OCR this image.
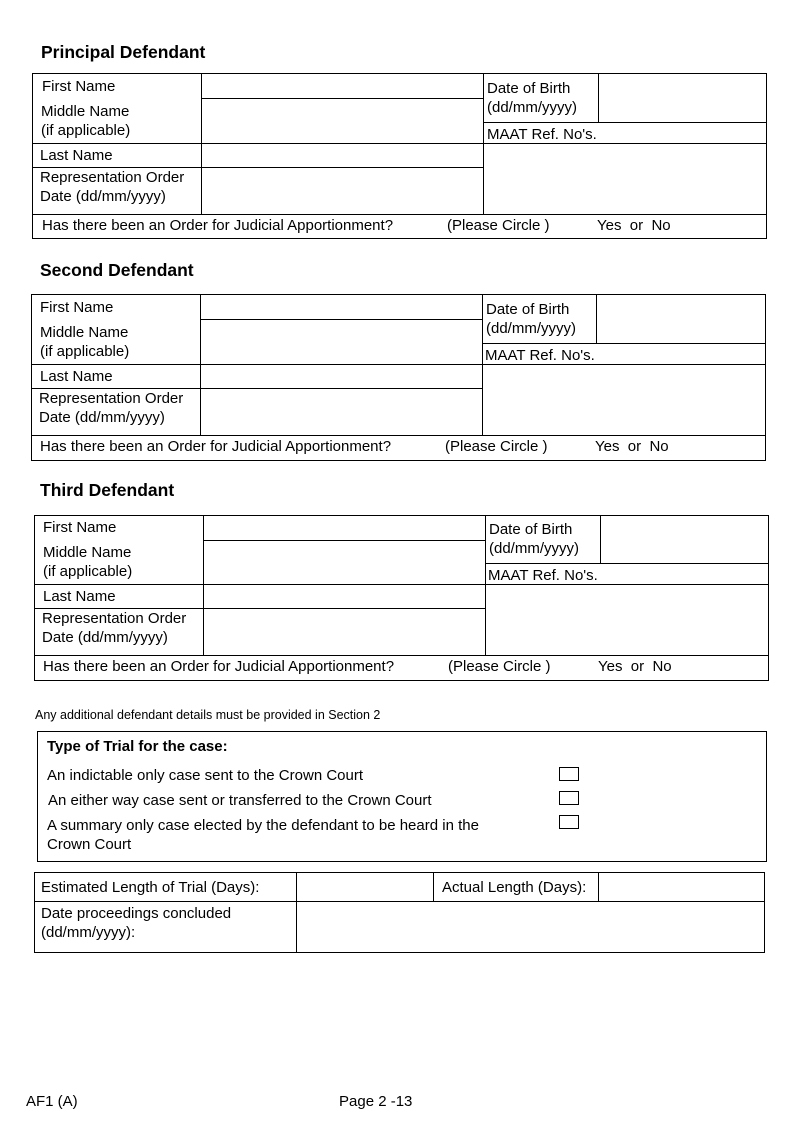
Principal Defendant
First Name
Middle Name
(if applicable)
Last Name
Representation Order
Date (dd/mm/yyyy)
Date of Birth
(dd/mm/yyyy)
MAAT Ref. No's.
Has there been an Order for Judicial Apportionment?	(Please Circle )	Yes  or  No
Second Defendant
First Name
Middle Name
(if applicable)
Last Name
Representation Order
Date (dd/mm/yyyy)
Date of Birth
(dd/mm/yyyy)
MAAT Ref. No's.
Has there been an Order for Judicial Apportionment?	(Please Circle )	Yes  or  No
Third Defendant
First Name
Middle Name
(if applicable)
Last Name
Representation Order
Date (dd/mm/yyyy)
Date of Birth
(dd/mm/yyyy)
MAAT Ref. No's.
Has there been an Order for Judicial Apportionment?	(Please Circle )	Yes  or  No
Any additional defendant details must be provided in Section 2
Type of Trial for the case:
An indictable only case sent to the Crown Court
An either way case sent or transferred to the Crown Court
A summary only case elected by the defendant to be heard in the
Crown Court
Estimated Length of Trial (Days):	Actual Length (Days):
Date proceedings concluded
(dd/mm/yyyy):
AF1 (A)	Page 2 -13
